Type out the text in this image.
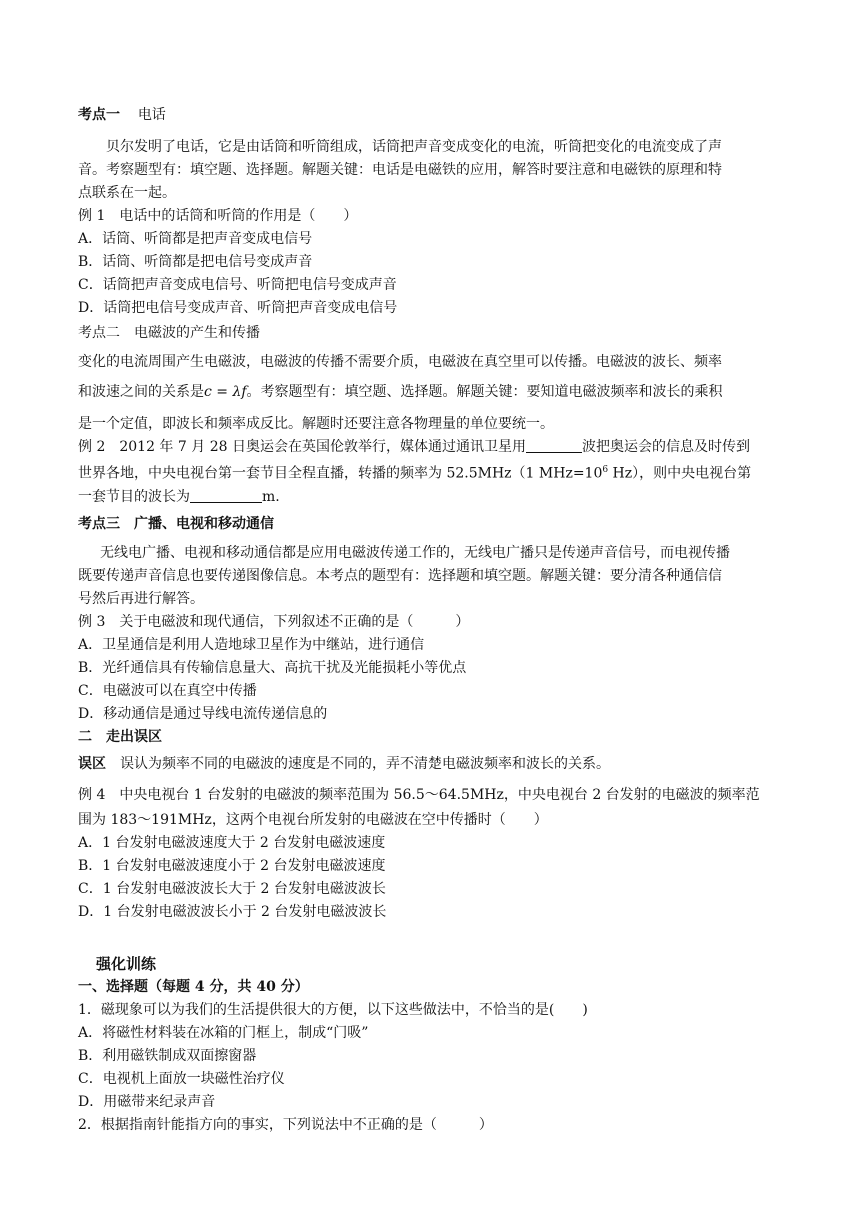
考点一 电话

贝尔发明了电话，它是由话筒和听筒组成，话筒把声音变成变化的电流，听筒把变化的电流变成了声

音。考察题型有：填空题、选择题。解题关键：电话是电磁铁的应用，解答时要注意和电磁铁的原理和特

点联系在一起。

例 1　电话中的话筒和听筒的作用是（　　）

A．话筒、听筒都是把声音变成电信号

B．话筒、听筒都是把电信号变成声音

C．话筒把声音变成电信号、听筒把电信号变成声音

D．话筒把电信号变成声音、听筒把声音变成电信号

考点二　电磁波的产生和传播

变化的电流周围产生电磁波，电磁波的传播不需要介质，电磁波在真空里可以传播。电磁波的波长、频率

和波速之间的关系是c = λf。考察题型有：填空题、选择题。解题关键：要知道电磁波频率和波长的乘积

是一个定值，即波长和频率成反比。解题时还要注意各物理量的单位要统一。

例 2　2012 年 7 月 28 日奥运会在英国伦敦举行，媒体通过通讯卫星用	波把奥运会的信息及时传到

世界各地，中央电视台第一套节目全程直播，转播的频率为 52.5MHz（1 $MHz=10^6$ Hz），则中央电视台第

一套节目的波长为	m.

考点三　广播、电视和移动通信

无线电广播、电视和移动通信都是应用电磁波传递工作的，无线电广播只是传递声音信号，而电视传播

既要传递声音信息也要传递图像信息。本考点的题型有：选择题和填空题。解题关键：要分清各种通信信

号然后再进行解答。

例 3　关于电磁波和现代通信，下列叙述不正确的是（　　　）

A．卫星通信是利用人造地球卫星作为中继站，进行通信

B．光纤通信具有传输信息量大、高抗干扰及光能损耗小等优点

C．电磁波可以在真空中传播

D．移动通信是通过导线电流传递信息的

二　走出误区

误区　误认为频率不同的电磁波的速度是不同的，弄不清楚电磁波频率和波长的关系。

例 4　中央电视台 1 台发射的电磁波的频率范围为 56.5～64.5MHz，中央电视台 2 台发射的电磁波的频率范

围为 183～191MHz，这两个电视台所发射的电磁波在空中传播时（　　）

A．1 台发射电磁波速度大于 2 台发射电磁波速度

B．1 台发射电磁波速度小于 2 台发射电磁波速度

C．1 台发射电磁波波长大于 2 台发射电磁波波长

D．1 台发射电磁波波长小于 2 台发射电磁波波长

强化训练

一、选择题（每题 4 分，共 40 分）

1．磁现象可以为我们的生活提供很大的方便，以下这些做法中，不恰当的是(　　)

A．将磁性材料装在冰箱的门框上，制成“门吸”

B．利用磁铁制成双面擦窗器

C．电视机上面放一块磁性治疗仪

D．用磁带来纪录声音

2．根据指南针能指方向的事实，下列说法中不正确的是（　　　）
